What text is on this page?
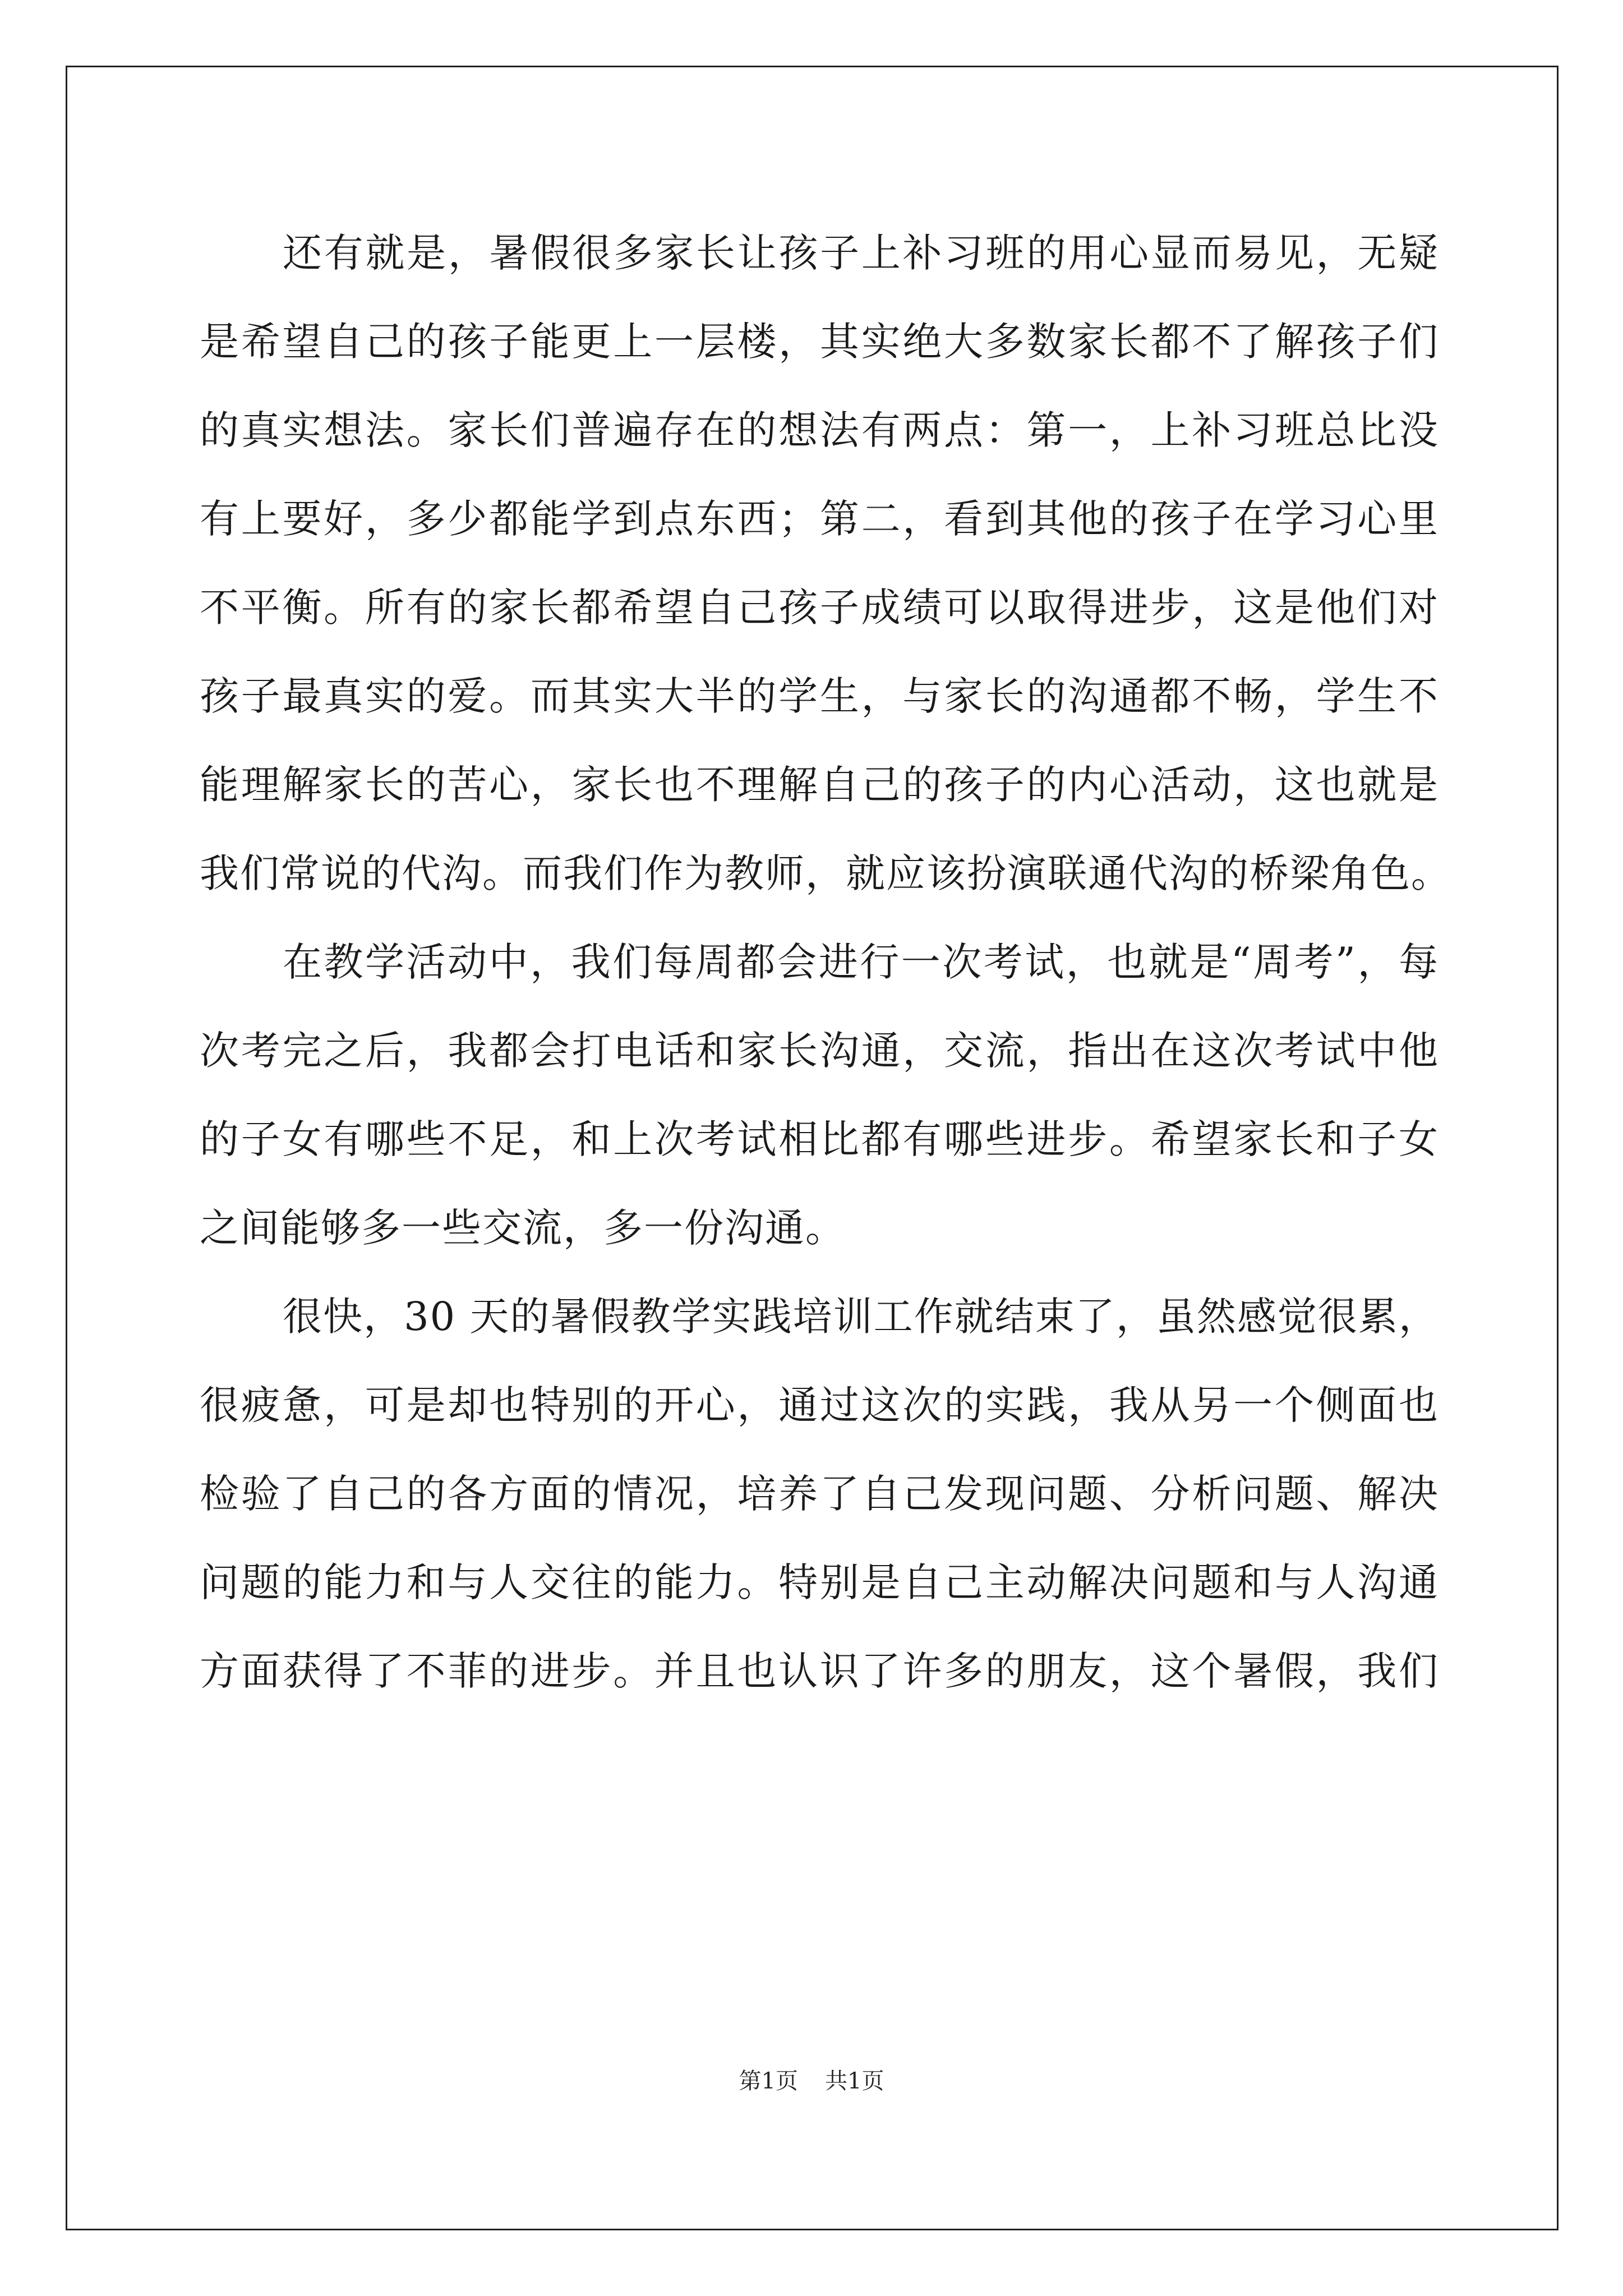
还有就是，暑假很多家长让孩子上补习班的用心显而易见，无疑
是希望自己的孩子能更上一层楼，其实绝大多数家长都不了解孩子们
的真实想法。家长们普遍存在的想法有两点：第一，上补习班总比没
有上要好，多少都能学到点东西；第二，看到其他的孩子在学习心里
不平衡。所有的家长都希望自己孩子成绩可以取得进步，这是他们对
孩子最真实的爱。而其实大半的学生，与家长的沟通都不畅，学生不
能理解家长的苦心，家长也不理解自己的孩子的内心活动，这也就是
我们常说的代沟。而我们作为教师，就应该扮演联通代沟的桥梁角色。

在教学活动中，我们每周都会进行一次考试，也就是“周考”，每
次考完之后，我都会打电话和家长沟通，交流，指出在这次考试中他
的子女有哪些不足，和上次考试相比都有哪些进步。希望家长和子女
之间能够多一些交流，多一份沟通。

很快，30 天的暑假教学实践培训工作就结束了，虽然感觉很累，
很疲惫，可是却也特别的开心，通过这次的实践，我从另一个侧面也
检验了自己的各方面的情况，培养了自己发现问题、分析问题、解决
问题的能力和与人交往的能力。特别是自己主动解决问题和与人沟通
方面获得了不菲的进步。并且也认识了许多的朋友，这个暑假，我们

第1页 共1页
